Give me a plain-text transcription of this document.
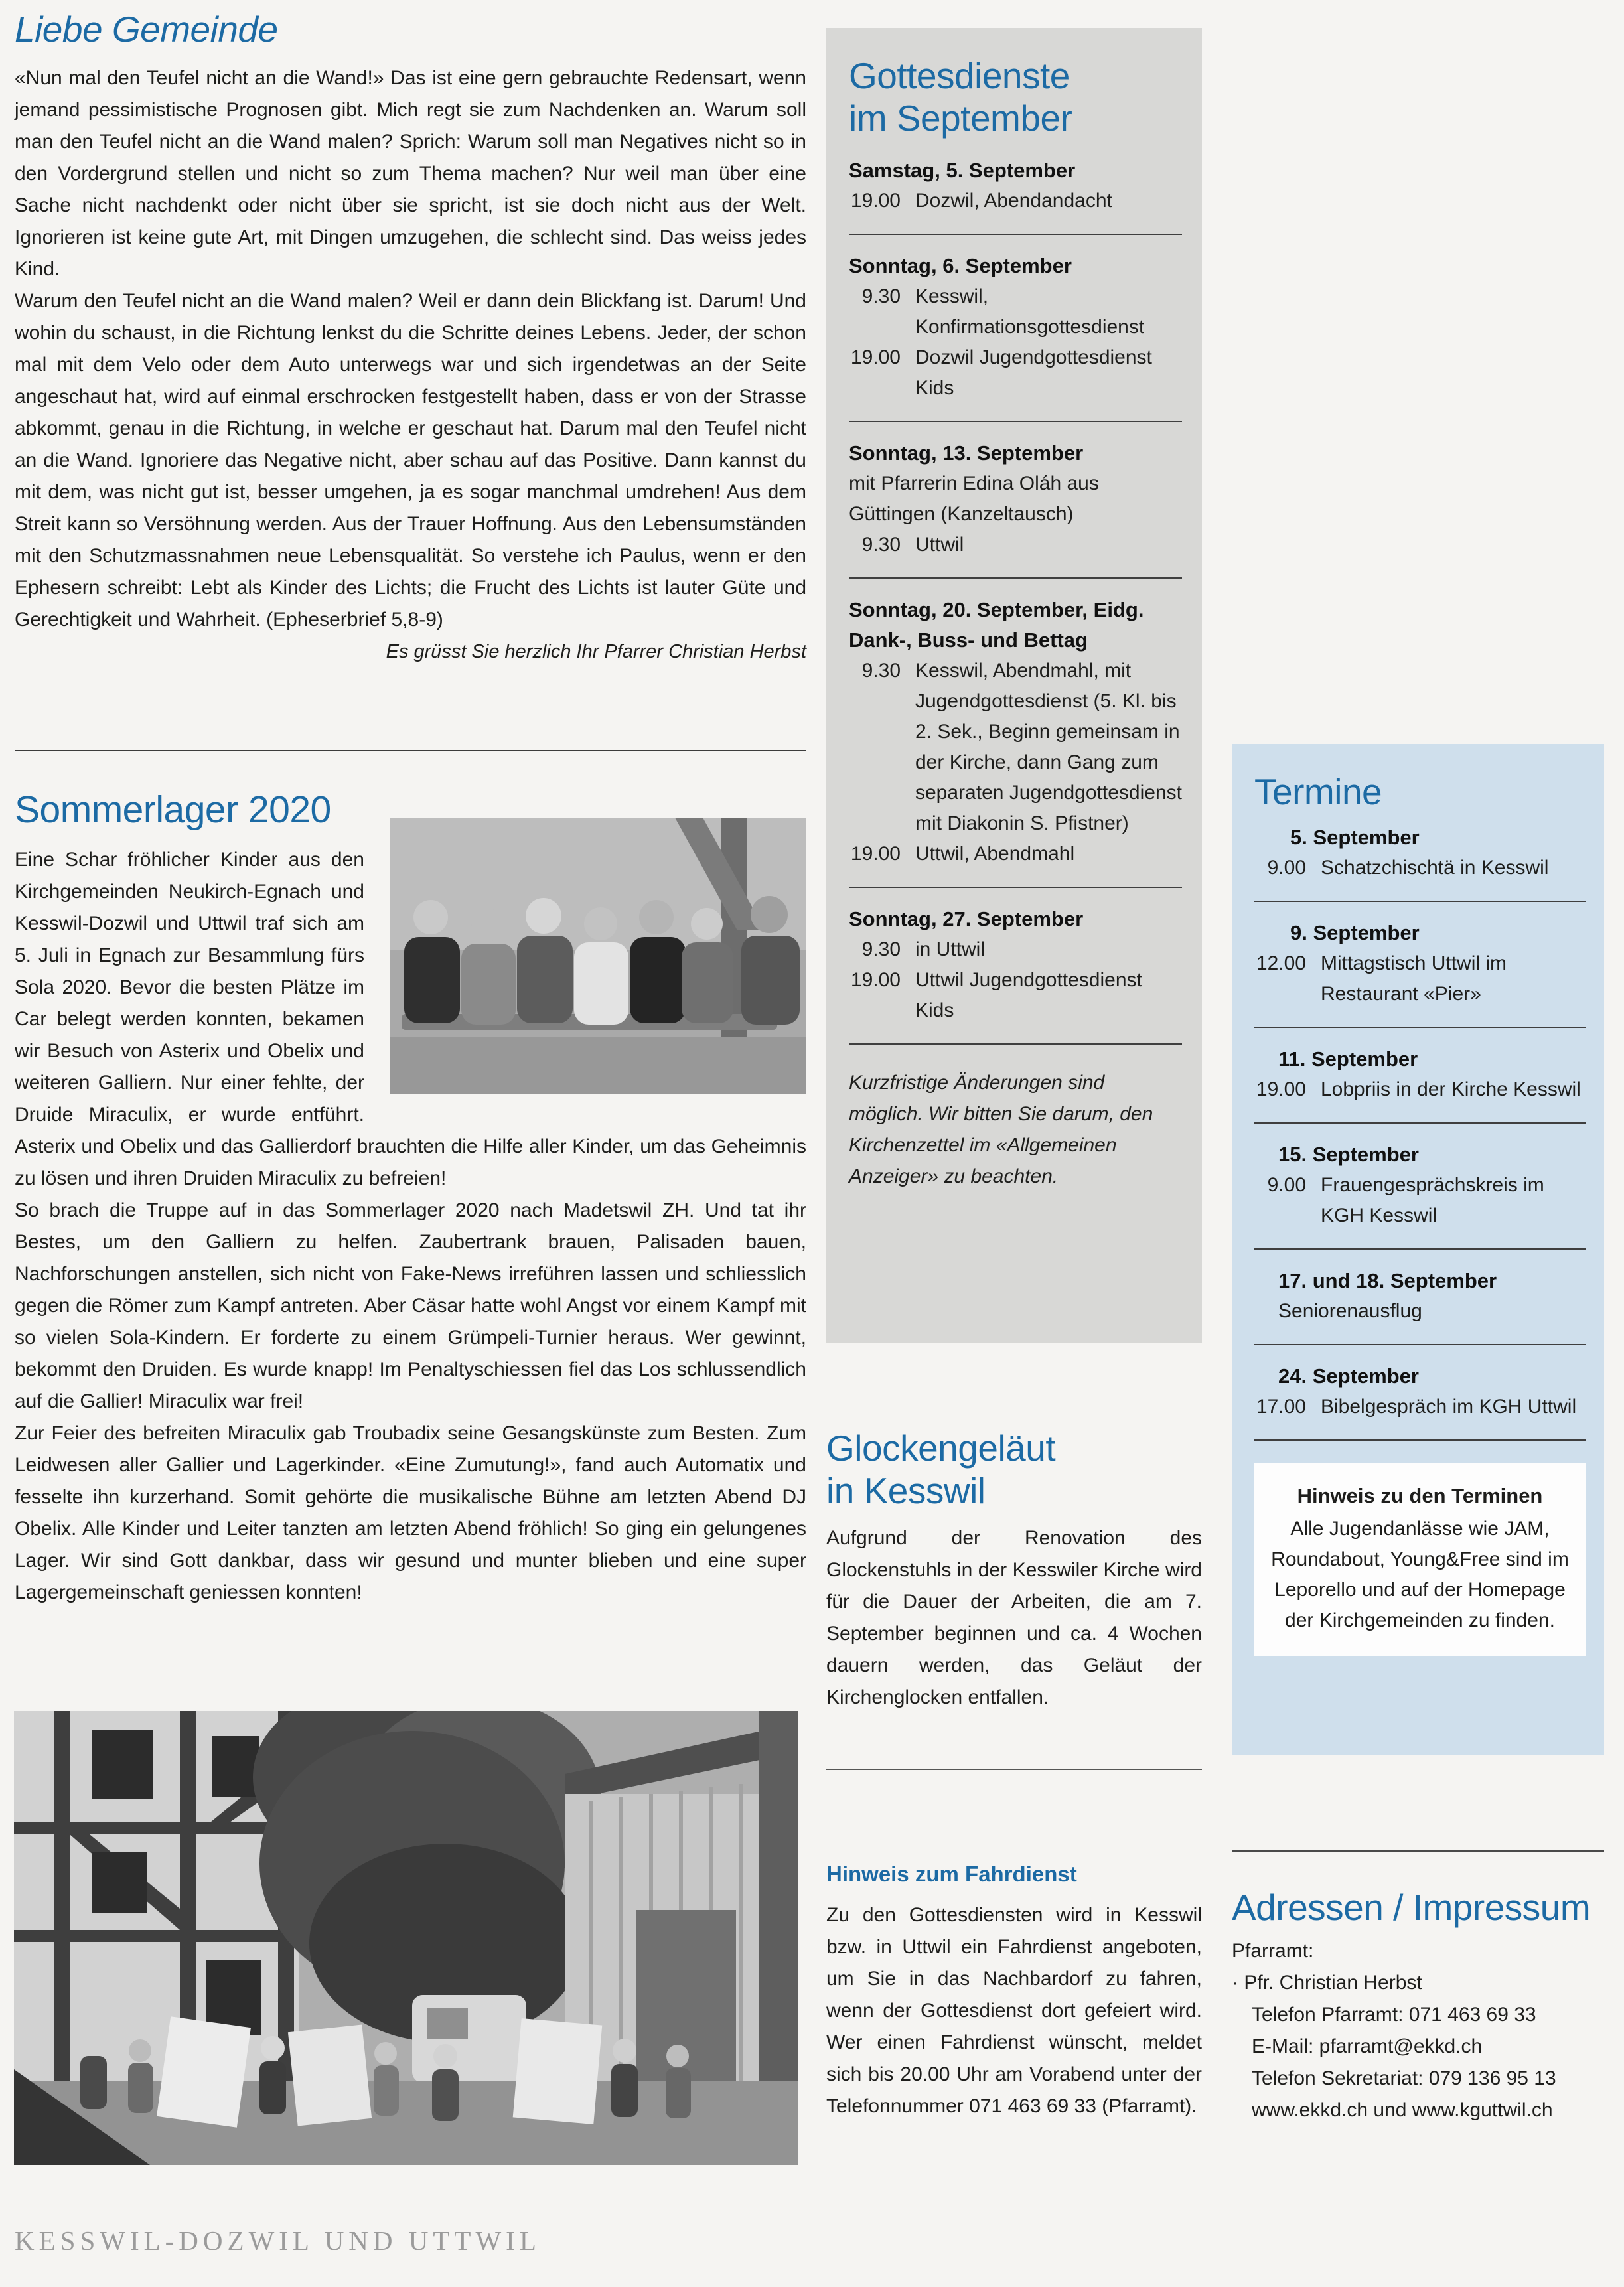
Liebe Gemeinde

«Nun mal den Teufel nicht an die Wand!» Das ist eine gern gebrauchte Redensart, wenn jemand pessimistische Prognosen gibt. Mich regt sie zum Nachdenken an. Warum soll man den Teufel nicht an die Wand malen? Sprich: Warum soll man Negatives nicht so in den Vordergrund stellen und nicht so zum Thema machen? Nur weil man über eine Sache nicht nachdenkt oder nicht über sie spricht, ist sie doch nicht aus der Welt. Ignorieren ist keine gute Art, mit Dingen umzugehen, die schlecht sind. Das weiss jedes Kind.

Warum den Teufel nicht an die Wand malen? Weil er dann dein Blickfang ist. Darum! Und wohin du schaust, in die Richtung lenkst du die Schritte deines Lebens. Jeder, der schon mal mit dem Velo oder dem Auto unterwegs war und sich irgendetwas an der Seite angeschaut hat, wird auf einmal erschrocken festgestellt haben, dass er von der Strasse abkommt, genau in die Richtung, in welche er geschaut hat. Darum mal den Teufel nicht an die Wand. Ignoriere das Negative nicht, aber schau auf das Positive. Dann kannst du mit dem, was nicht gut ist, besser umgehen, ja es sogar manchmal umdrehen! Aus dem Streit kann so Versöhnung werden. Aus der Trauer Hoffnung. Aus den Lebensumständen mit den Schutzmassnahmen neue Lebensqualität. So verstehe ich Paulus, wenn er den Ephesern schreibt: Lebt als Kinder des Lichts; die Frucht des Lichts ist lauter Güte und Gerechtigkeit und Wahrheit. (Epheserbrief 5,8-9)
Es grüsst Sie herzlich Ihr Pfarrer Christian Herbst

Sommerlager 2020

Eine Schar fröhlicher Kinder aus den Kirchgemeinden Neukirch-Egnach und Kesswil-Dozwil und Uttwil traf sich am 5. Juli in Egnach zur Besammlung fürs Sola 2020. Bevor die besten Plätze im Car belegt werden konnten, bekamen wir Besuch von Asterix und Obelix und weiteren Galliern. Nur einer fehlte, der Druide Miraculix, er wurde entführt. Asterix und Obelix und das Gallierdorf brauchten die Hilfe aller Kinder, um das Geheimnis zu lösen und ihren Druiden Miraculix zu befreien!

So brach die Truppe auf in das Sommerlager 2020 nach Madetswil ZH. Und tat ihr Bestes, um den Galliern zu helfen. Zaubertrank brauen, Palisaden bauen, Nachforschungen anstellen, sich nicht von Fake-News irreführen lassen und schliesslich gegen die Römer zum Kampf antreten. Aber Cäsar hatte wohl Angst vor einem Kampf mit so vielen Sola-Kindern. Er forderte zu einem Grümpeli-Turnier heraus. Wer gewinnt, bekommt den Druiden. Es wurde knapp! Im Penaltyschiessen fiel das Los schlussendlich auf die Gallier! Miraculix war frei!

Zur Feier des befreiten Miraculix gab Troubadix seine Gesangskünste zum Besten. Zum Leidwesen aller Gallier und Lagerkinder. «Eine Zumutung!», fand auch Automatix und fesselte ihn kurzerhand. Somit gehörte die musikalische Bühne am letzten Abend DJ Obelix. Alle Kinder und Leiter tanzten am letzten Abend fröhlich! So ging ein gelungenes Lager. Wir sind Gott dankbar, dass wir gesund und munter blieben und eine super Lagergemeinschaft geniessen konnten!

Gottesdienste
im September
Samstag, 5. September
19.00 Dozwil, Abendandacht
Sonntag, 6. September
9.30 Kesswil, Konfirmationsgottesdienst
19.00 Dozwil Jugendgottesdienst Kids
Sonntag, 13. September
mit Pfarrerin Edina Oláh aus Güttingen (Kanzeltausch)
9.30 Uttwil
Sonntag, 20. September, Eidg. Dank-, Buss- und Bettag
9.30 Kesswil, Abendmahl, mit Jugendgottesdienst (5. Kl. bis 2. Sek., Beginn gemeinsam in der Kirche, dann Gang zum separaten Jugendgottesdienst mit Diakonin S. Pfistner)
19.00 Uttwil, Abendmahl
Sonntag, 27. September
9.30 in Uttwil
19.00 Uttwil Jugendgottesdienst Kids

Kurzfristige Änderungen sind möglich. Wir bitten Sie darum, den Kirchenzettel im «Allgemeinen Anzeiger» zu beachten.

Glockengeläut
in Kesswil

Aufgrund der Renovation des Glockenstuhls in der Kesswiler Kirche wird für die Dauer der Arbeiten, die am 7. September beginnen und ca. 4 Wochen dauern werden, das Geläut der Kirchenglocken entfallen.

Hinweis zum Fahrdienst

Zu den Gottesdiensten wird in Kesswil bzw. in Uttwil ein Fahrdienst angeboten, um Sie in das Nachbardorf zu fahren, wenn der Gottesdienst dort gefeiert wird. Wer einen Fahrdienst wünscht, meldet sich bis 20.00 Uhr am Vorabend unter der Telefonnummer 071 463 69 33 (Pfarramt).

Termine
5. September
9.00 Schatzchischtä in Kesswil
9. September
12.00 Mittagstisch Uttwil im Restaurant «Pier»
11. September
19.00 Lobpriis in der Kirche Kesswil
15. September
9.00 Frauengesprächskreis im KGH Kesswil
17. und 18. September
Seniorenausflug
24. September
17.00 Bibelgespräch im KGH Uttwil
Hinweis zu den Terminen
Alle Jugendanlässe wie JAM, Roundabout, Young&Free sind im Leporello und auf der Homepage der Kirchgemeinden zu finden.
Adressen / Impressum
Pfarramt:
· Pfr. Christian Herbst
Telefon Pfarramt: 071 463 69 33
E-Mail: pfarramt@ekkd.ch
Telefon Sekretariat: 079 136 95 13
www.ekkd.ch und www.kguttwil.ch
KESSWIL-DOZWIL UND UTTWIL
